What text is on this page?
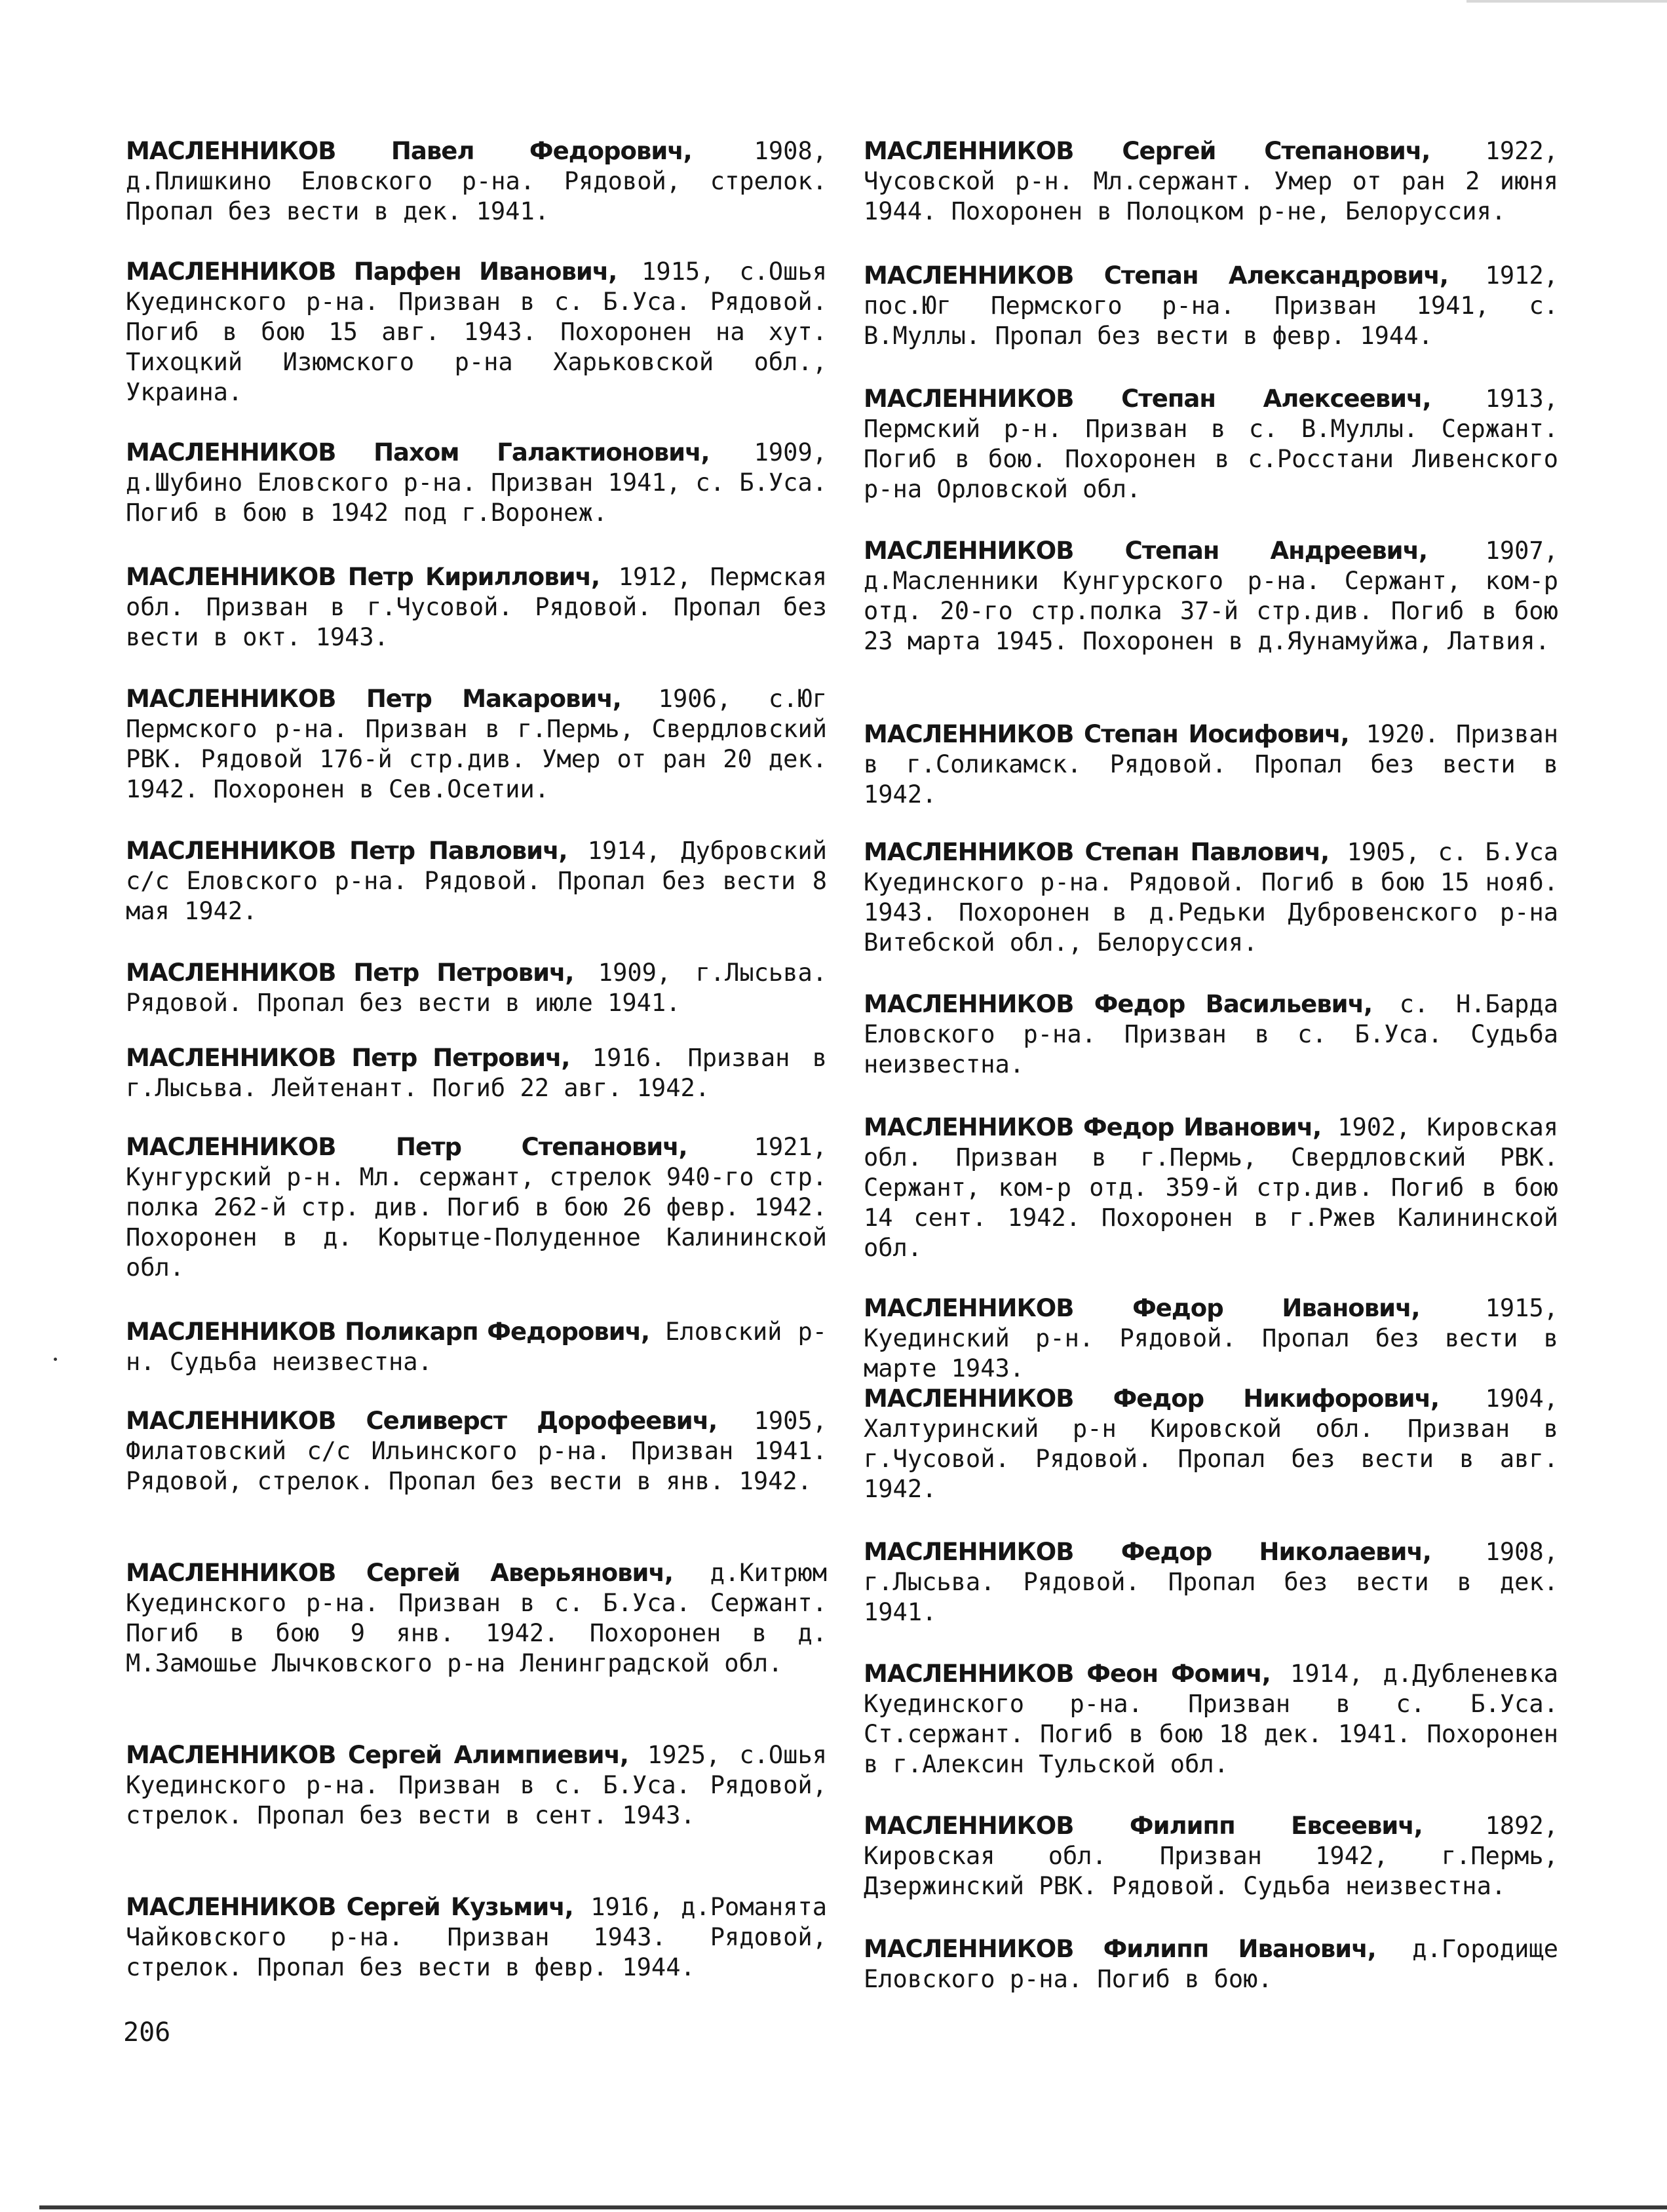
МАСЛЕННИКОВ Павел Федорович, 1908, д.Плишкино Еловского р-на. Рядовой, стрелок. Пропал без вести в дек. 1941.

МАСЛЕННИКОВ Парфен Иванович, 1915, с.Ошья Куединского р-на. Призван в с. Б.Уса. Рядовой. Погиб в бою 15 авг. 1943. Похоронен на хут. Тихоцкий Изюмского р-на Харьковской обл., Украина.

МАСЛЕННИКОВ Пахом Галактионович, 1909, д.Шубино Еловского р-на. Призван 1941, с. Б.Уса. Погиб в бою в 1942 под г.Воронеж.

МАСЛЕННИКОВ Петр Кириллович, 1912, Пермская обл. Призван в г.Чусовой. Рядовой. Пропал без вести в окт. 1943.

МАСЛЕННИКОВ Петр Макарович, 1906, с.Юг Пермского р-на. Призван в г.Пермь, Свердловский РВК. Рядовой 176-й стр.див. Умер от ран 20 дек. 1942. Похоронен в Сев.Осетии.

МАСЛЕННИКОВ Петр Павлович, 1914, Дубровский с/с Еловского р-на. Рядовой. Пропал без вести 8 мая 1942.

МАСЛЕННИКОВ Петр Петрович, 1909, г.Лысьва. Рядовой. Пропал без вести в июле 1941.

МАСЛЕННИКОВ Петр Петрович, 1916. Призван в г.Лысьва. Лейтенант. Погиб 22 авг. 1942.

МАСЛЕННИКОВ Петр Степанович, 1921, Кунгурский р-н. Мл. сержант, стрелок 940-го стр. полка 262-й стр. див. Погиб в бою 26 февр. 1942. Похоронен в д. Корытце-Полуденное Калининской обл.

МАСЛЕННИКОВ Поликарп Федорович, Еловский р-н. Судьба неизвестна.

МАСЛЕННИКОВ Селиверст Дорофеевич, 1905, Филатовский с/с Ильинского р-на. Призван 1941. Рядовой, стрелок. Пропал без вести в янв. 1942.

МАСЛЕННИКОВ Сергей Аверьянович, д.Китрюм Куединского р-на. Призван в с. Б.Уса. Сержант. Погиб в бою 9 янв. 1942. Похоронен в д. М.Замошье Лычковского р-на Ленинградской обл.

МАСЛЕННИКОВ Сергей Алимпиевич, 1925, с.Ошья Куединского р-на. Призван в с. Б.Уса. Рядовой, стрелок. Пропал без вести в сент. 1943.

МАСЛЕННИКОВ Сергей Кузьмич, 1916, д.Романята Чайковского р-на. Призван 1943. Рядовой, стрелок. Пропал без вести в февр. 1944.

МАСЛЕННИКОВ Сергей Степанович, 1922, Чусовской р-н. Мл.сержант. Умер от ран 2 июня 1944. Похоронен в Полоцком р-не, Белоруссия.

МАСЛЕННИКОВ Степан Александрович, 1912, пос.Юг Пермского р-на. Призван 1941, с. В.Муллы. Пропал без вести в февр. 1944.

МАСЛЕННИКОВ Степан Алексеевич, 1913, Пермский р-н. Призван в с. В.Муллы. Сержант. Погиб в бою. Похоронен в с.Росстани Ливенского р-на Орловской обл.

МАСЛЕННИКОВ Степан Андреевич, 1907, д.Масленники Кунгурского р-на. Сержант, ком-р отд. 20-го стр.полка 37-й стр.див. Погиб в бою 23 марта 1945. Похоронен в д.Яунамуйжа, Латвия.

МАСЛЕННИКОВ Степан Иосифович, 1920. Призван в г.Соликамск. Рядовой. Пропал без вести в 1942.

МАСЛЕННИКОВ Степан Павлович, 1905, с. Б.Уса Куединского р-на. Рядовой. Погиб в бою 15 нояб. 1943. Похоронен в д.Редьки Дубровенского р-на Витебской обл., Белоруссия.

МАСЛЕННИКОВ Федор Васильевич, с. Н.Барда Еловского р-на. Призван в с. Б.Уса. Судьба неизвестна.

МАСЛЕННИКОВ Федор Иванович, 1902, Кировская обл. Призван в г.Пермь, Свердловский РВК. Сержант, ком-р отд. 359-й стр.див. Погиб в бою 14 сент. 1942. Похоронен в г.Ржев Калининской обл.

МАСЛЕННИКОВ Федор Иванович, 1915, Куединский р-н. Рядовой. Пропал без вести в марте 1943.

МАСЛЕННИКОВ Федор Никифорович, 1904, Халтуринский р-н Кировской обл. Призван в г.Чусовой. Рядовой. Пропал без вести в авг. 1942.

МАСЛЕННИКОВ Федор Николаевич, 1908, г.Лысьва. Рядовой. Пропал без вести в дек. 1941.

МАСЛЕННИКОВ Феон Фомич, 1914, д.Дубленевка Куединского р-на. Призван в с. Б.Уса. Ст.сержант. Погиб в бою 18 дек. 1941. Похоронен в г.Алексин Тульской обл.

МАСЛЕННИКОВ Филипп Евсеевич, 1892, Кировская обл. Призван 1942, г.Пермь, Дзержинский РВК. Рядовой. Судьба неизвестна.

МАСЛЕННИКОВ Филипп Иванович, д.Городище Еловского р-на. Погиб в бою.

206
